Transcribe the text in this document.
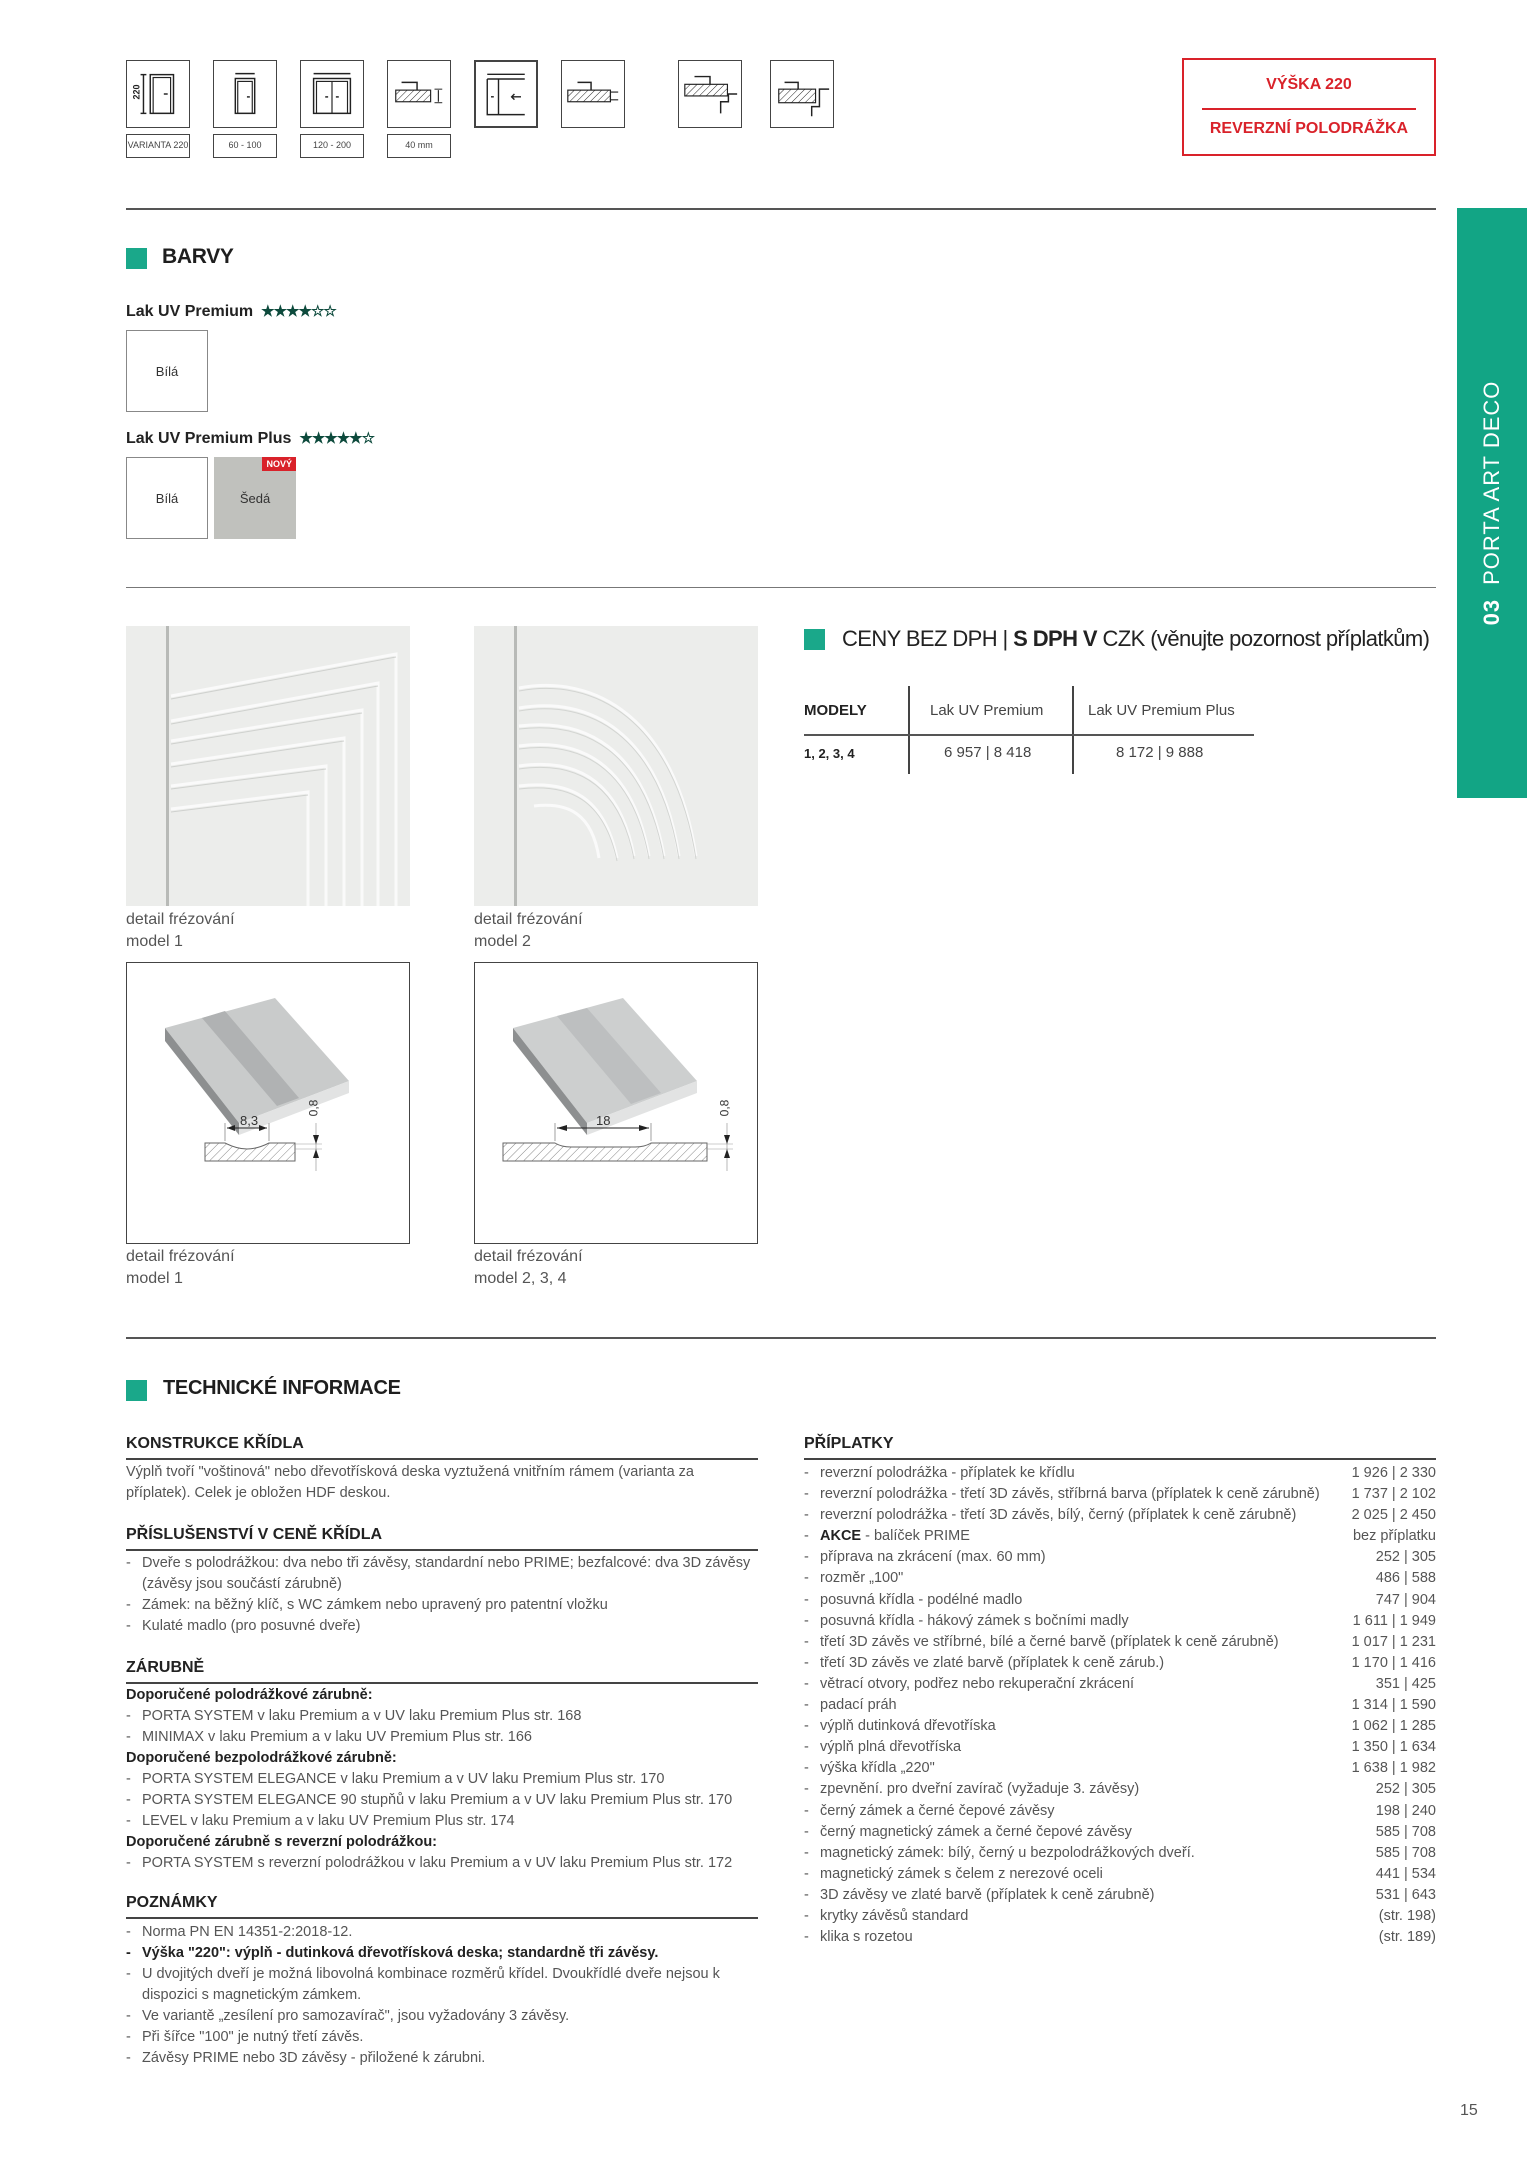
220
VARIANTA 220	60 - 100	120 - 200	40 mm
VÝŠKA 220
REVERZNÍ POLODRÁŽKA
03PORTA ART DECO
BARVY
Lak UV Premium ★★★★☆☆
Bílá
Lak UV Premium Plus ★★★★★☆
Bílá	Šedá
NOVÝ
detail frézování
model 1
detail frézování
model 2
8,3
0,8
18
0,8
detail frézování
model 1
detail frézování
model 2, 3, 4
CENY BEZ DPH | S DPH V CZK (věnujte pozornost příplatkům)
MODELY	Lak UV Premium	Lak UV Premium Plus
1, 2, 3, 4	6 957 | 8 418	8 172 | 9 888
TECHNICKÉ INFORMACE
KONSTRUKCE KŘÍDLA
Výplň tvoří "voštinová" nebo dřevotřísková deska vyztužená vnitřním rámem (varianta za příplatek). Celek je obložen HDF deskou.
PŘÍSLUŠENSTVÍ V CENĚ KŘÍDLA
- Dveře s polodrážkou: dva nebo tři závěsy, standardní nebo PRIME; bezfalcové: dva 3D závěsy (závěsy jsou součástí zárubně)
- Zámek: na běžný klíč, s WC zámkem nebo upravený pro patentní vložku
- Kulaté madlo (pro posuvné dveře)
ZÁRUBNĚ
Doporučené polodrážkové zárubně:
- PORTA SYSTEM v laku Premium a v UV laku Premium Plus str. 168
- MINIMAX v laku Premium a v laku UV Premium Plus str. 166
Doporučené bezpolodrážkové zárubně:
- PORTA SYSTEM ELEGANCE v laku Premium a v UV laku Premium Plus str. 170
- PORTA SYSTEM ELEGANCE 90 stupňů v laku Premium a v UV laku Premium Plus str. 170
- LEVEL v laku Premium a v laku UV Premium Plus str. 174
Doporučené zárubně s reverzní polodrážkou:
- PORTA SYSTEM s reverzní polodrážkou v laku Premium a v UV laku Premium Plus str. 172
POZNÁMKY
- Norma PN EN 14351-2:2018-12.
- Výška "220": výplň - dutinková dřevotřísková deska; standardně tři závěsy.
- U dvojitých dveří je možná libovolná kombinace rozměrů křídel. Dvoukřídlé dveře nejsou k dispozici s magnetickým zámkem.
- Ve variantě „zesílení pro samozavírač", jsou vyžadovány 3 závěsy.
- Při šířce "100" je nutný třetí závěs.
- Závěsy PRIME nebo 3D závěsy - přiložené k zárubni.
PŘÍPLATKY
- reverzní polodrážka - příplatek ke křídlu	1 926 | 2 330
- reverzní polodrážka - třetí 3D závěs, stříbrná barva (příplatek k ceně zárubně) 1 737 | 2 102
- reverzní polodrážka - třetí 3D závěs, bílý, černý (příplatek k ceně zárubně)	2 025 | 2 450
- AKCE - balíček PRIME	bez příplatku
- příprava na zkrácení (max. 60 mm)	252 | 305
- rozměr „100"	486 | 588
- posuvná křídla - podélné madlo	747 | 904
- posuvná křídla - hákový zámek s bočními madly	1 611 | 1 949
- třetí 3D závěs ve stříbrné, bílé a černé barvě (příplatek k ceně zárubně)	1 017 | 1 231
- třetí 3D závěs ve zlaté barvě (příplatek k ceně zárub.)	1 170 | 1 416
- větrací otvory, podřez nebo rekuperační zkrácení	351 | 425
- padací práh	1 314 | 1 590
- výplň dutinková dřevotříska	1 062 | 1 285
- výplň plná dřevotříska	1 350 | 1 634
- výška křídla „220"	1 638 | 1 982
- zpevnění. pro dveřní zavírač (vyžaduje 3. závěsy)	252 | 305
- černý zámek a černé čepové závěsy	198 | 240
- černý magnetický zámek a černé čepové závěsy	585 | 708
- magnetický zámek: bílý, černý u bezpolodrážkových dveří.	585 | 708
- magnetický zámek s čelem z nerezové oceli	441 | 534
- 3D závěsy ve zlaté barvě (příplatek k ceně zárubně)	531 | 643
- krytky závěsů standard	(str. 198)
- klika s rozetou	(str. 189)
15
